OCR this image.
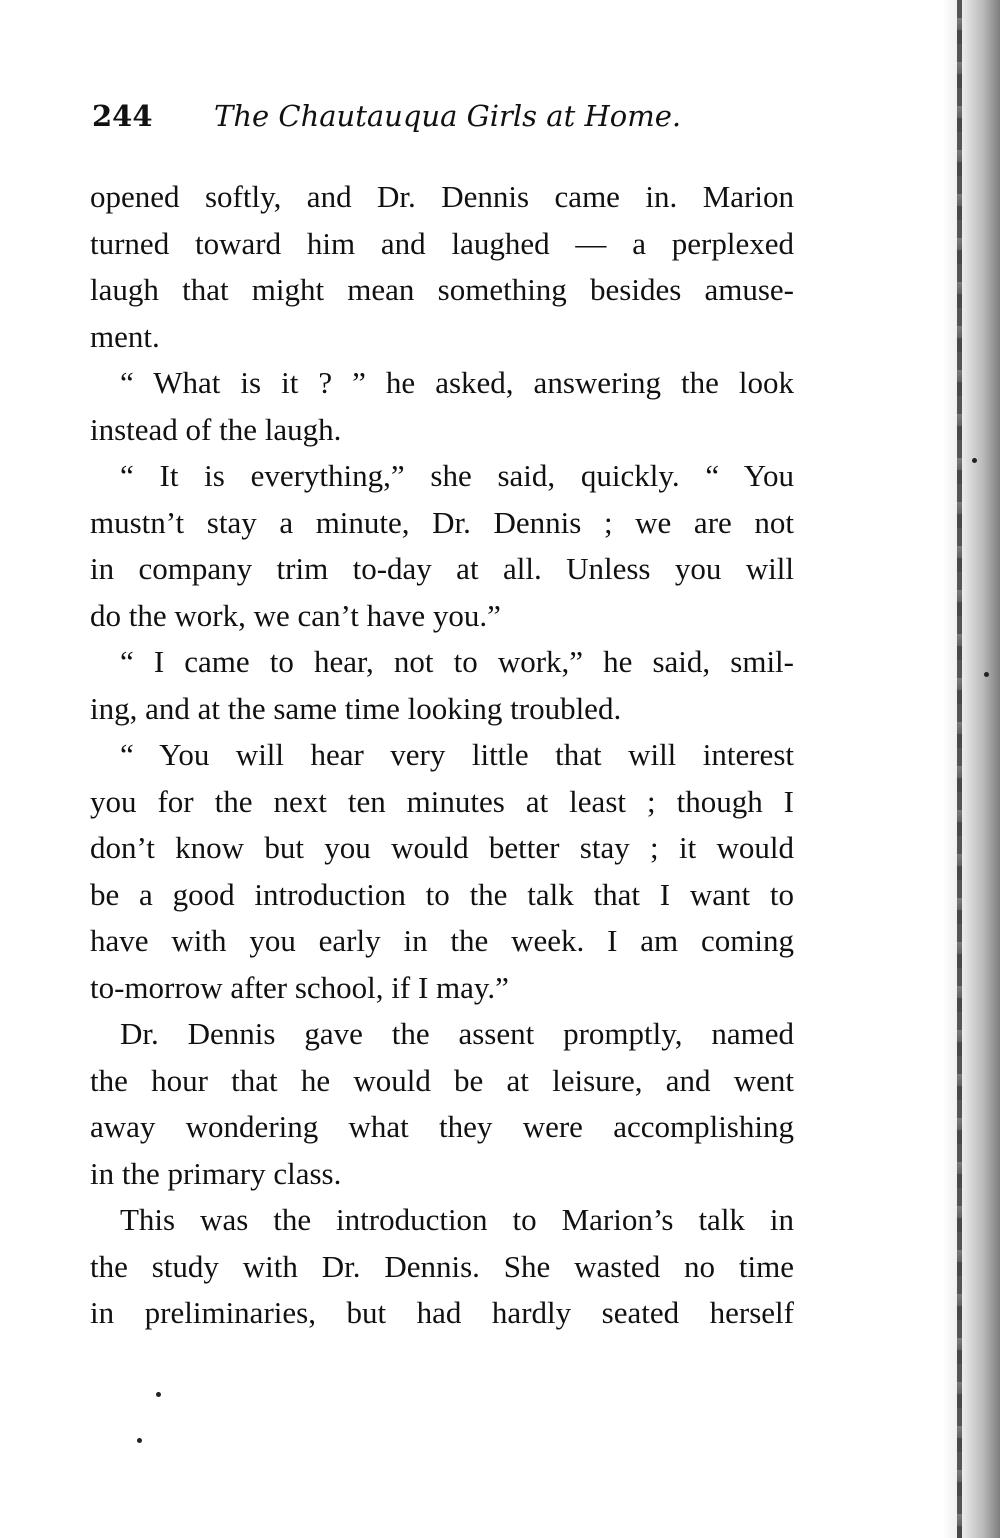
244 The Chautauqua Girls at Home.
opened softly, and Dr. Dennis came in. Marion
turned toward him and laughed — a perplexed
laugh that might mean something besides amuse-
ment.
“ What is it ? ” he asked, answering the look
instead of the laugh.
“ It is everything,” she said, quickly. “ You
mustn’t stay a minute, Dr. Dennis ; we are not
in company trim to-day at all. Unless you will
do the work, we can’t have you.”
“ I came to hear, not to work,” he said, smil-
ing, and at the same time looking troubled.
“ You will hear very little that will interest
you for the next ten minutes at least ; though I
don’t know but you would better stay ; it would
be a good introduction to the talk that I want to
have with you early in the week. I am coming
to-morrow after school, if I may.”
Dr. Dennis gave the assent promptly, named
the hour that he would be at leisure, and went
away wondering what they were accomplishing
in the primary class.
This was the introduction to Marion’s talk in
the study with Dr. Dennis. She wasted no time
in preliminaries, but had hardly seated herself
